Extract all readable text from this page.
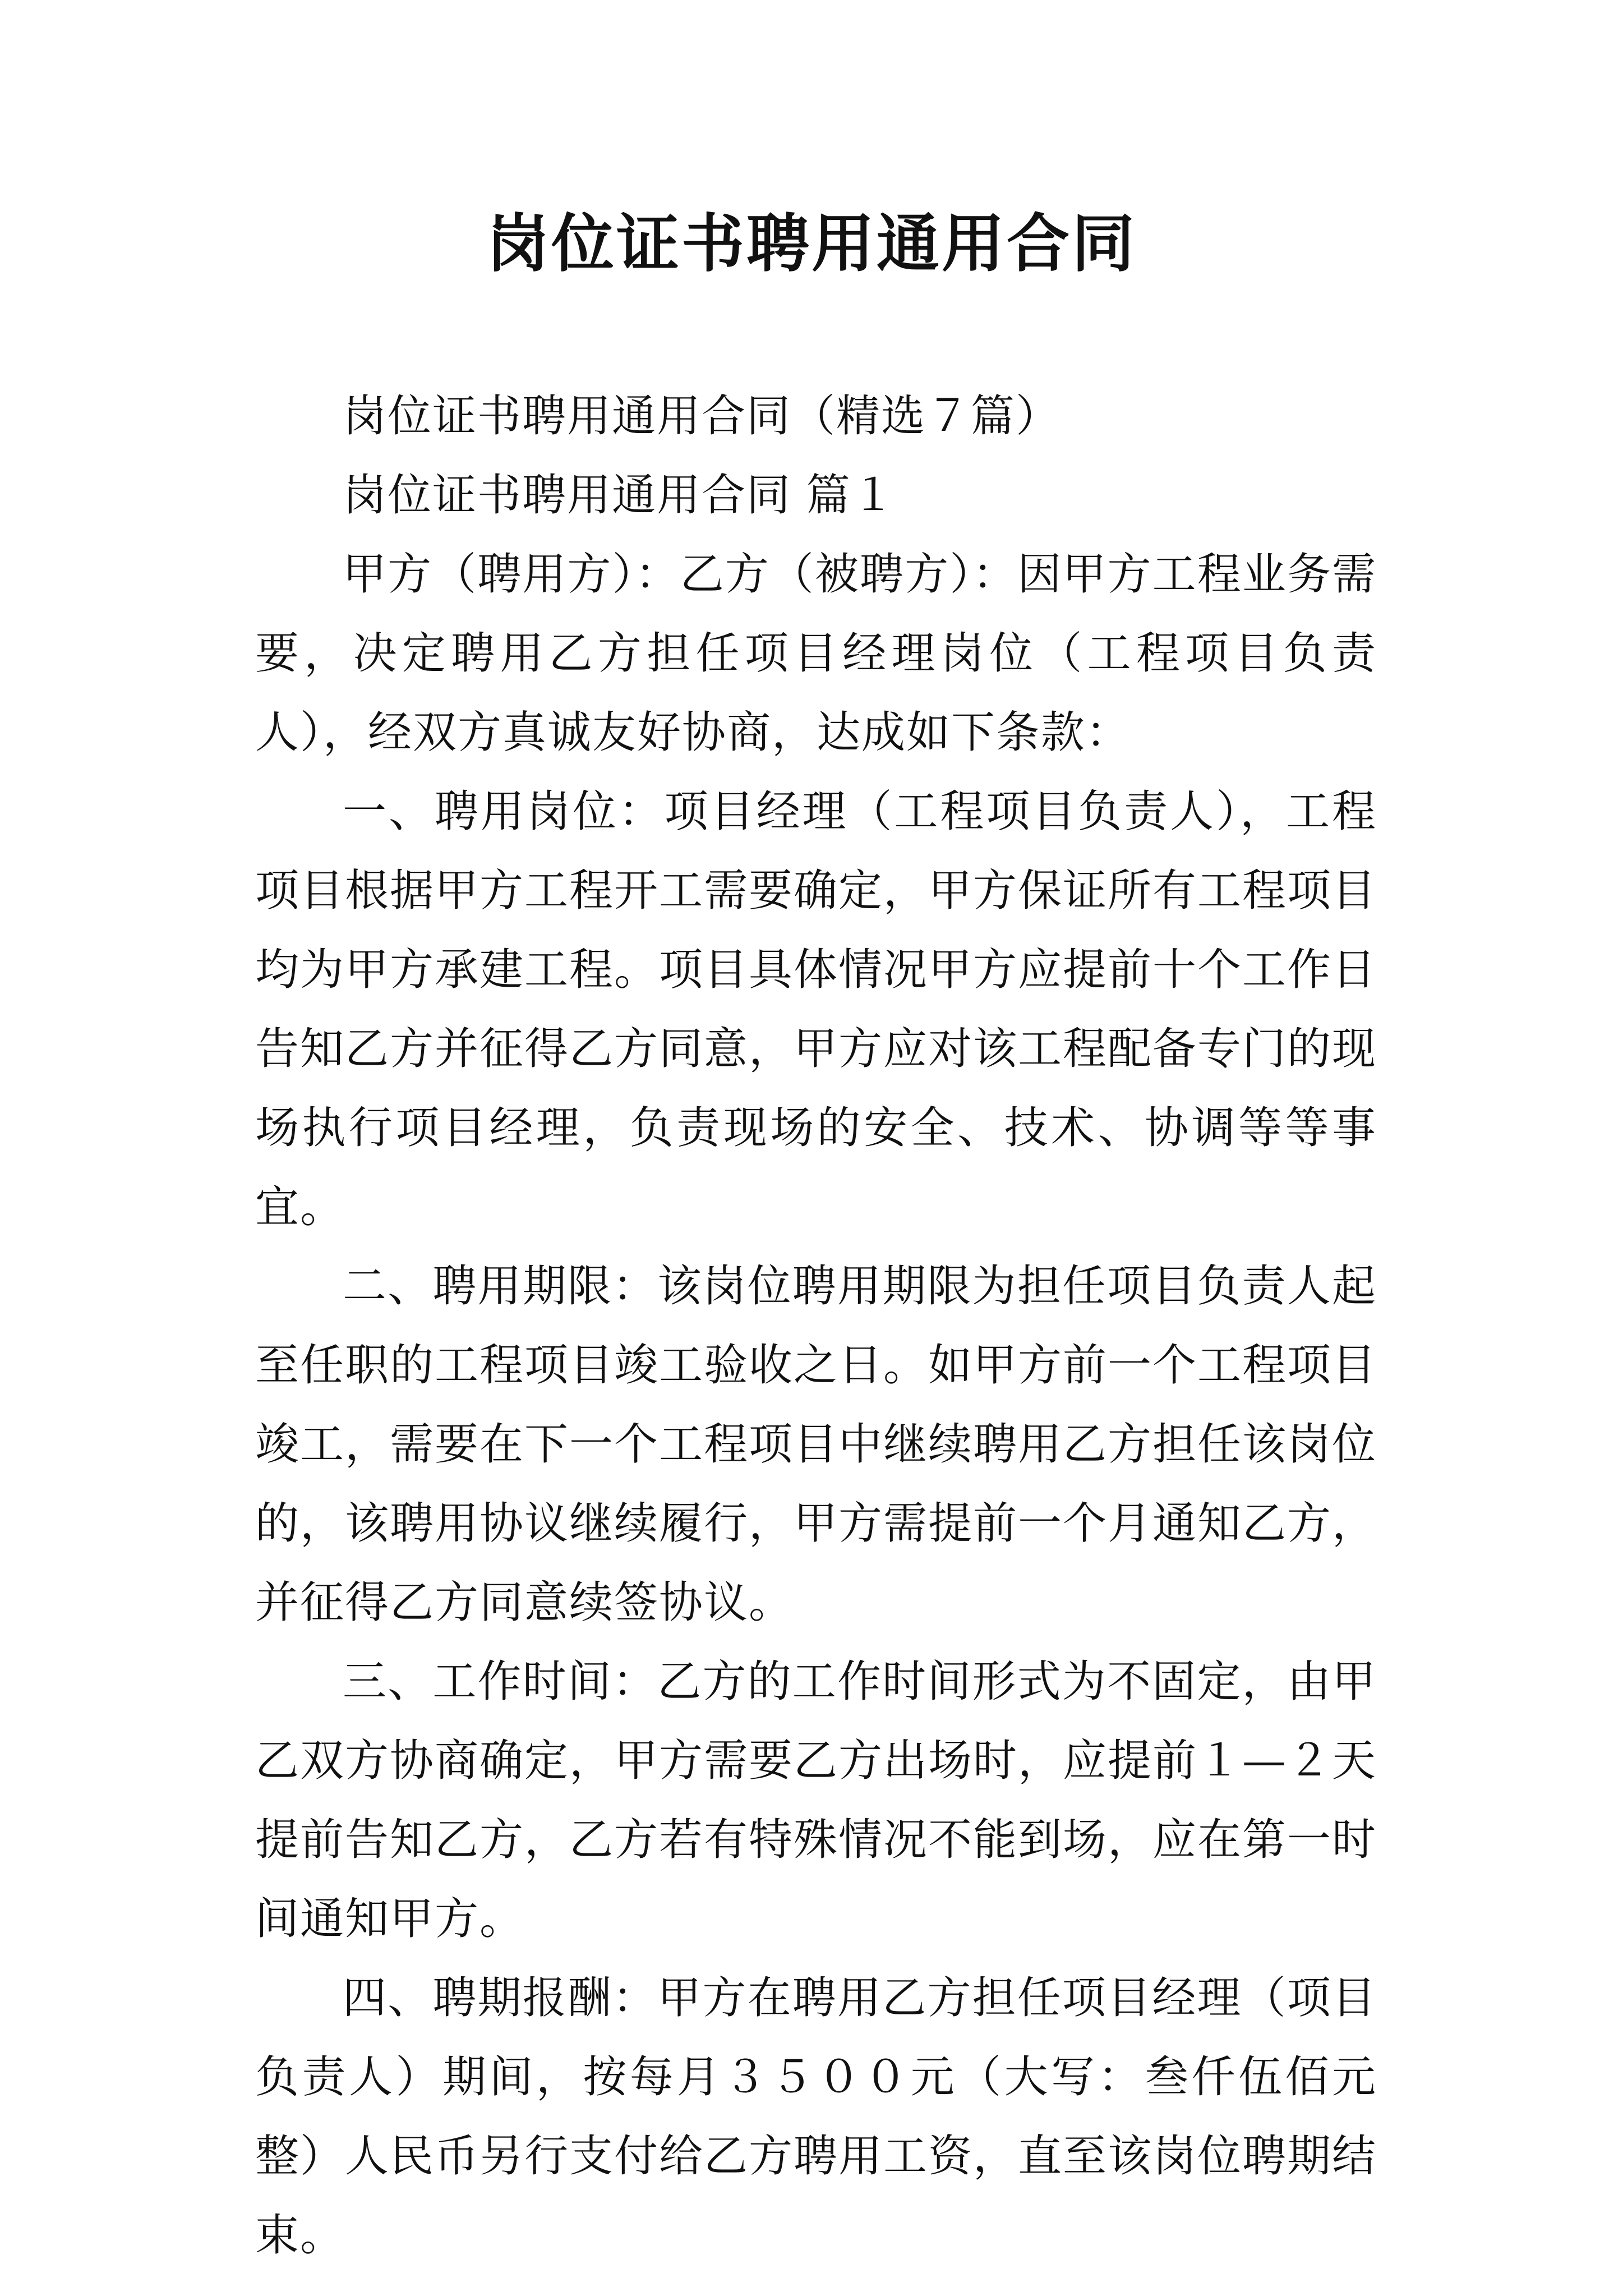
岗位证书聘用通用合同

岗位证书聘用通用合同（精选７篇）

岗位证书聘用通用合同 篇１

甲方（聘用方）：乙方（被聘方）：因甲方工程业务需要，决定聘用乙方担任项目经理岗位（工程项目负责人），经双方真诚友好协商，达成如下条款：

一、聘用岗位：项目经理（工程项目负责人），工程项目根据甲方工程开工需要确定，甲方保证所有工程项目均为甲方承建工程。项目具体情况甲方应提前十个工作日告知乙方并征得乙方同意，甲方应对该工程配备专门的现场执行项目经理，负责现场的安全、技术、协调等等事宜。

二、聘用期限：该岗位聘用期限为担任项目负责人起至任职的工程项目竣工验收之日。如甲方前一个工程项目竣工，需要在下一个工程项目中继续聘用乙方担任该岗位的，该聘用协议继续履行，甲方需提前一个月通知乙方，并征得乙方同意续签协议。

三、工作时间：乙方的工作时间形式为不固定，由甲乙双方协商确定，甲方需要乙方出场时，应提前１—２天提前告知乙方，乙方若有特殊情况不能到场，应在第一时间通知甲方。

四、聘期报酬：甲方在聘用乙方担任项目经理（项目负责人）期间，按每月３５００元（大写：叁仟伍佰元整）人民币另行支付给乙方聘用工资，直至该岗位聘期结束。
